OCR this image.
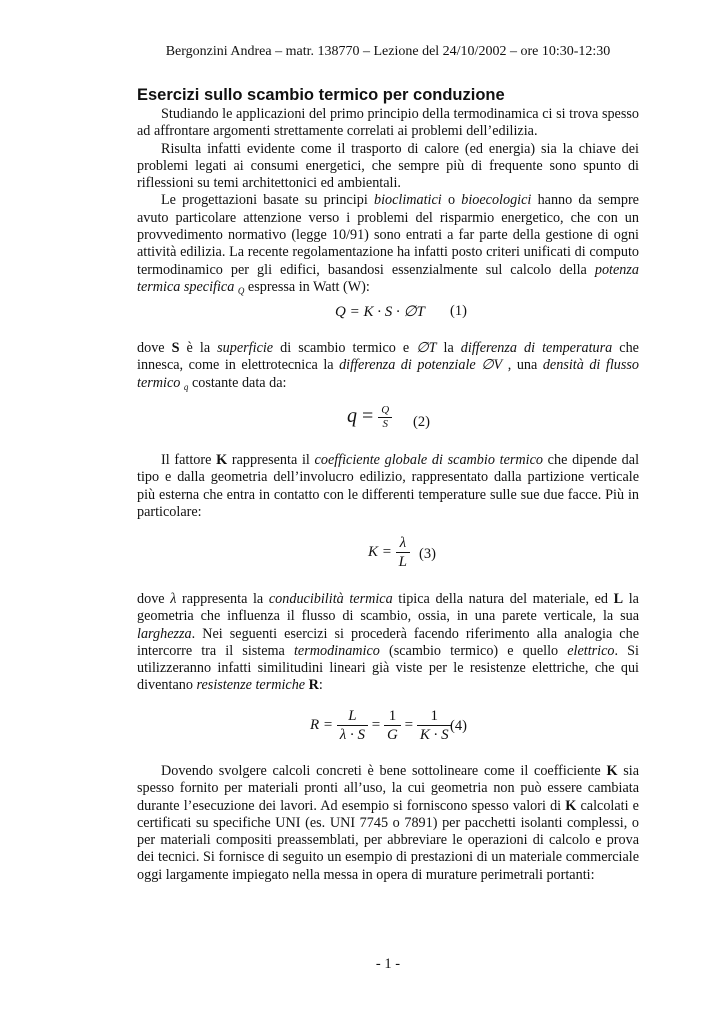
Bergonzini Andrea – matr. 138770 – Lezione del 24/10/2002 – ore 10:30-12:30
Esercizi sullo scambio termico per conduzione

Studiando le applicazioni del primo principio della termodinamica ci si trova spesso ad affrontare argomenti strettamente correlati ai problemi dell’edilizia.

Risulta infatti evidente come il trasporto di calore (ed energia) sia la chiave dei problemi legati ai consumi energetici, che sempre più di frequente sono spunto di riflessioni su temi architettonici ed ambientali.

Le progettazioni basate su principi bioclimatici o bioecologici hanno da sempre avuto particolare attenzione verso i problemi del risparmio energetico, che con un provvedimento normativo (legge 10/91) sono entrati a far parte della gestione di ogni attività edilizia. La recente regolamentazione ha infatti posto criteri unificati di computo termodinamico per gli edifici, basandosi essenzialmente sul calcolo della potenza termica specifica $_Q$ espressa in Watt (W):

Q = K · S · ∅T (1)

dove S è la superficie di scambio termico e ∅T la differenza di temperatura che innesca, come in elettrotecnica la differenza di potenziale ∅V , una densità di flusso termico $_q$ costante data da:

$q = \frac{Q}{S} (2)$

Il fattore K rappresenta il coefficiente globale di scambio termico che dipende dal tipo e dalla geometria dell’involucro edilizio, rappresentato dalla partizione verticale più esterna che entra in contatto con le differenti temperature sulle sue due facce. Più in particolare:

$K = \frac{\lambda}{L} (3)$

dove λ rappresenta la conducibilità termica tipica della natura del materiale, ed L la geometria che influenza il flusso di scambio, ossia, in una parete verticale, la sua larghezza. Nei seguenti esercizi si procederà facendo riferimento alla analogia che intercorre tra il sistema termodinamico (scambio termico) e quello elettrico. Si utilizzeranno infatti similitudini lineari già viste per le resistenze elettriche, che qui diventano resistenze termiche R:

$R = \frac{L}{\lambda \cdot S} = \frac{1}{G} = \frac{1}{K \cdot S}$
(4)

Dovendo svolgere calcoli concreti è bene sottolineare come il coefficiente K sia spesso fornito per materiali pronti all’uso, la cui geometria non può essere cambiata durante l’esecuzione dei lavori. Ad esempio si forniscono spesso valori di K calcolati e certificati su specifiche UNI (es. UNI 7745 o 7891) per pacchetti isolanti complessi, o per materiali compositi preassemblati, per abbreviare le operazioni di calcolo e prova dei tecnici. Si fornisce di seguito un esempio di prestazioni di un materiale commerciale oggi largamente impiegato nella messa in opera di murature perimetrali portanti:

- 1 -
